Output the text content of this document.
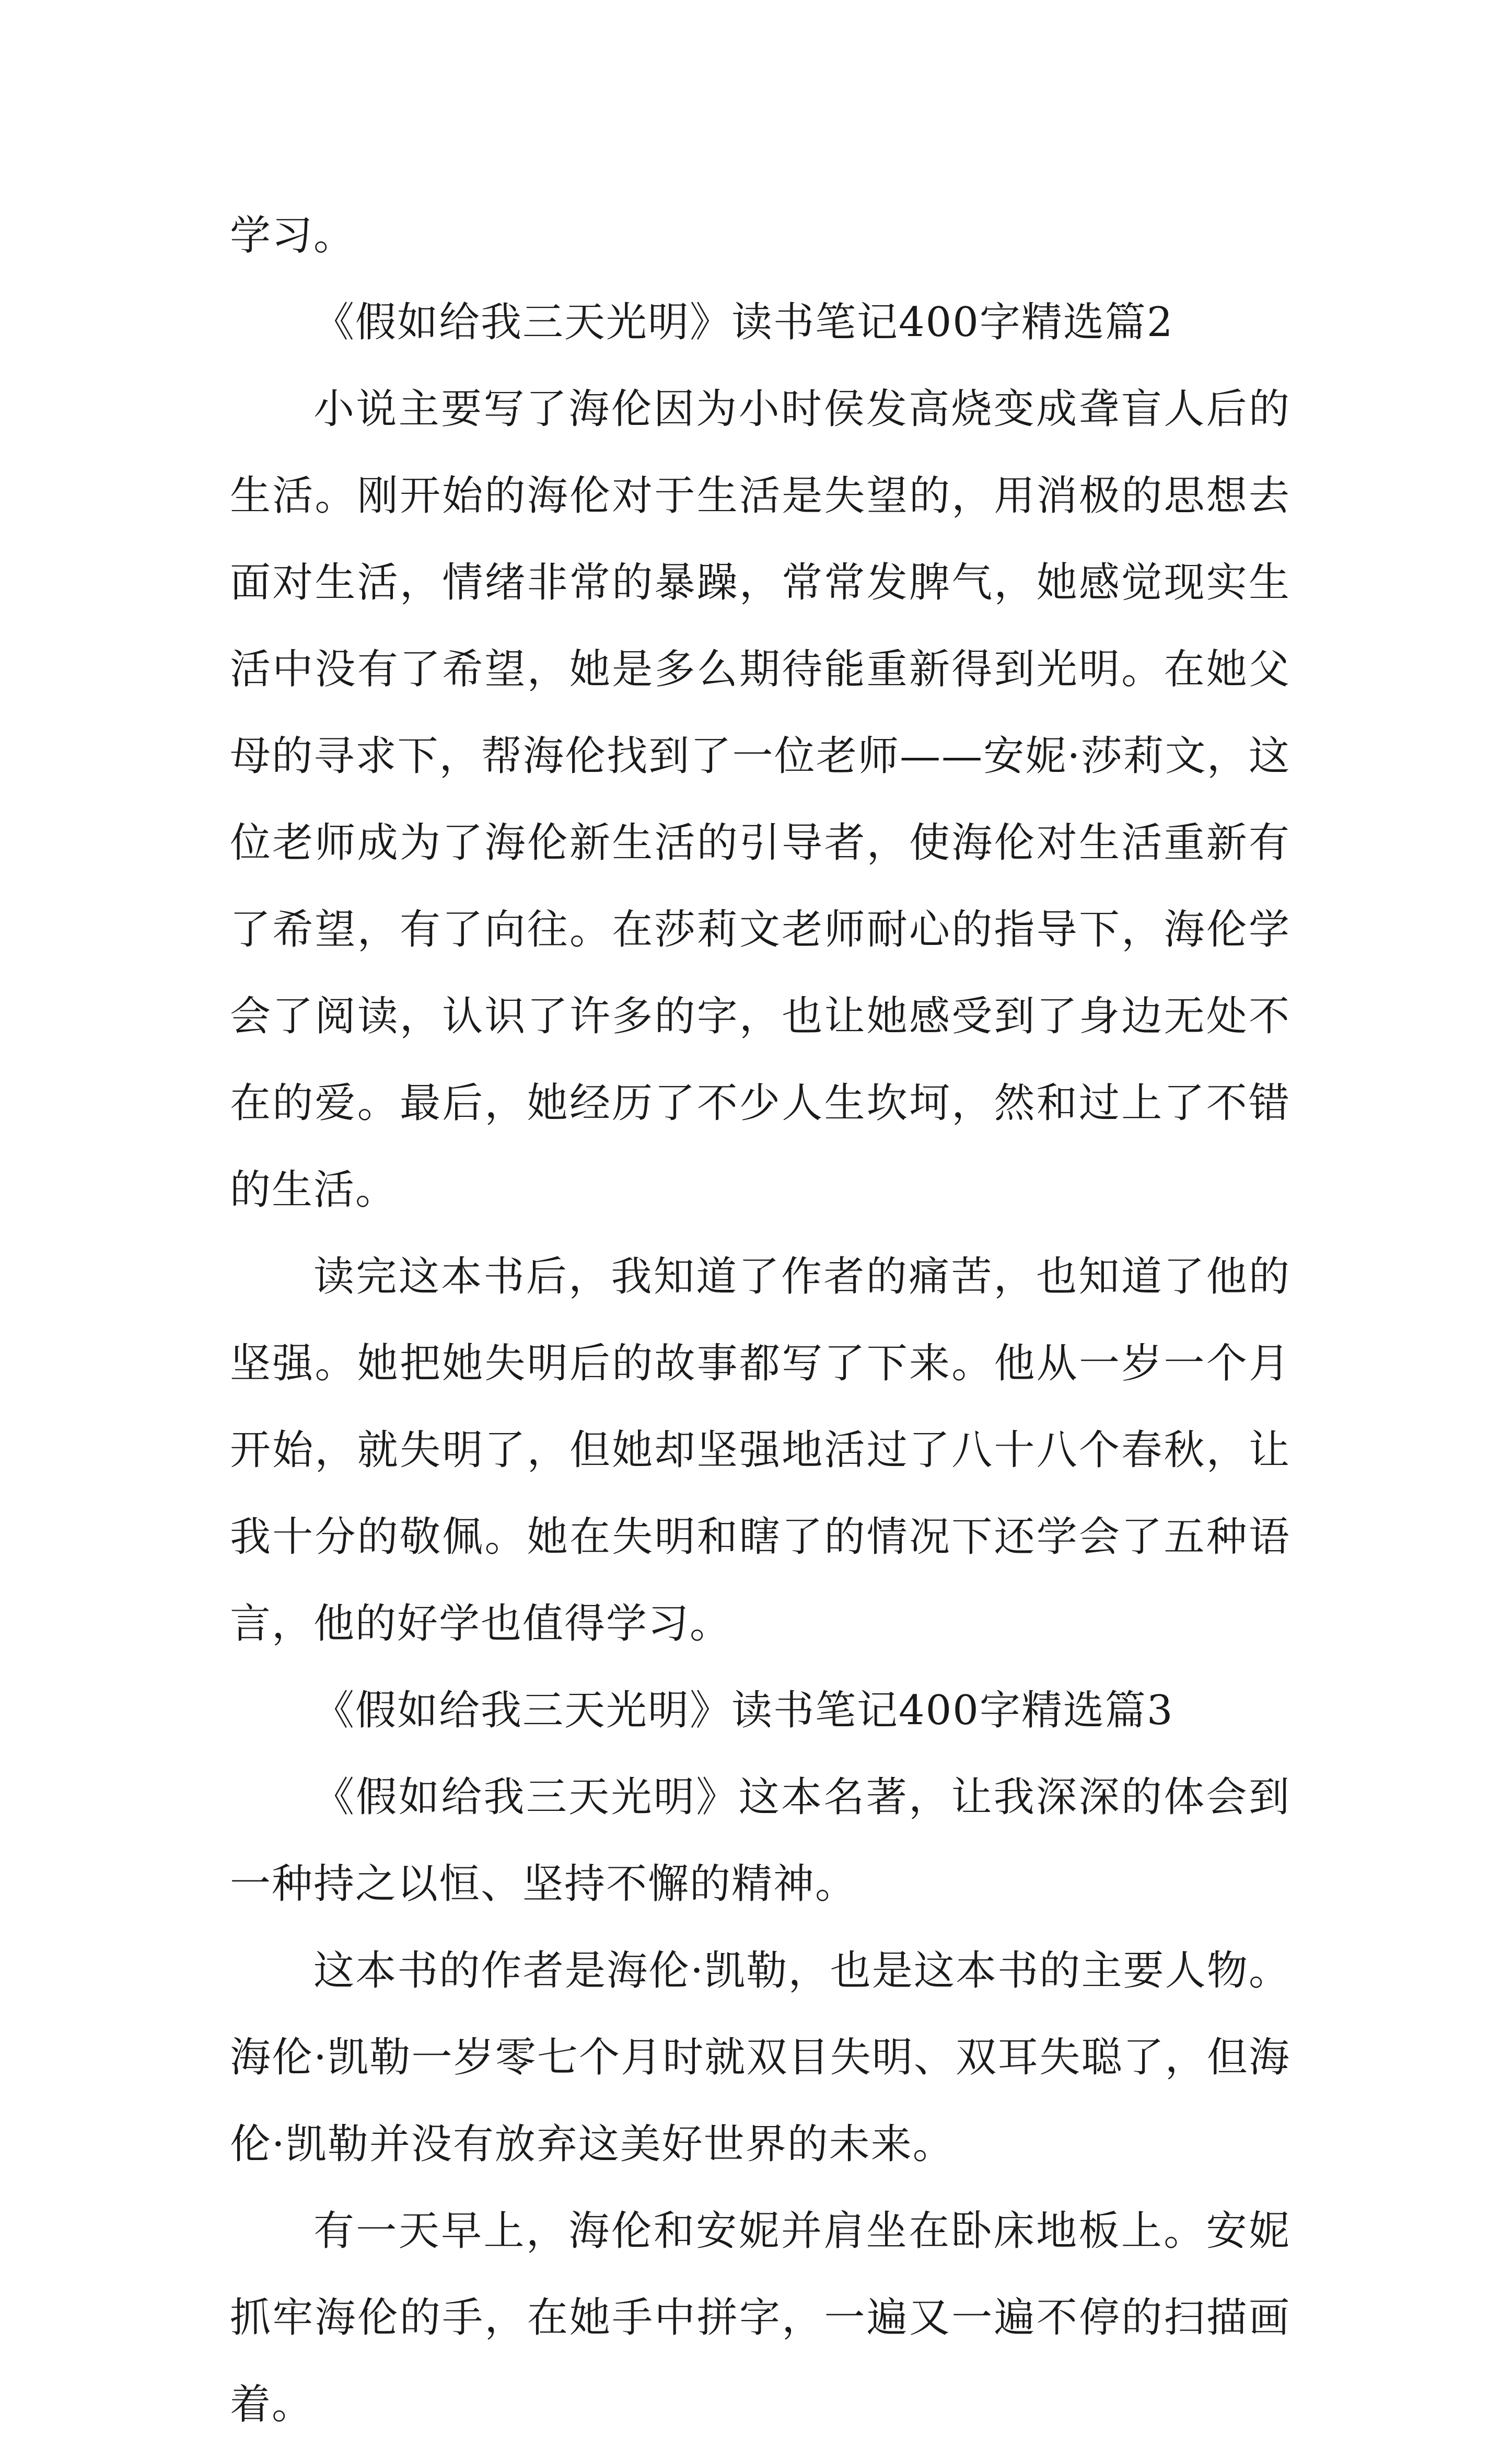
学习。

《假如给我三天光明》读书笔记400字精选篇2

小说主要写了海伦因为小时侯发高烧变成聋盲人后的生活。刚开始的海伦对于生活是失望的，用消极的思想去面对生活，情绪非常的暴躁，常常发脾气，她感觉现实生活中没有了希望，她是多么期待能重新得到光明。在她父母的寻求下，帮海伦找到了一位老师——安妮·莎莉文，这位老师成为了海伦新生活的引导者，使海伦对生活重新有了希望，有了向往。在莎莉文老师耐心的指导下，海伦学会了阅读，认识了许多的字，也让她感受到了身边无处不在的爱。最后，她经历了不少人生坎坷，然和过上了不错的生活。

读完这本书后，我知道了作者的痛苦，也知道了他的坚强。她把她失明后的故事都写了下来。他从一岁一个月开始，就失明了，但她却坚强地活过了八十八个春秋，让我十分的敬佩。她在失明和瞎了的情况下还学会了五种语言，他的好学也值得学习。

《假如给我三天光明》读书笔记400字精选篇3

《假如给我三天光明》这本名著，让我深深的体会到一种持之以恒、坚持不懈的精神。

这本书的作者是海伦·凯勒，也是这本书的主要人物。海伦·凯勒一岁零七个月时就双目失明、双耳失聪了，但海伦·凯勒并没有放弃这美好世界的未来。

有一天早上，海伦和安妮并肩坐在卧床地板上。安妮抓牢海伦的手，在她手中拼字，一遍又一遍不停的扫描画着。
